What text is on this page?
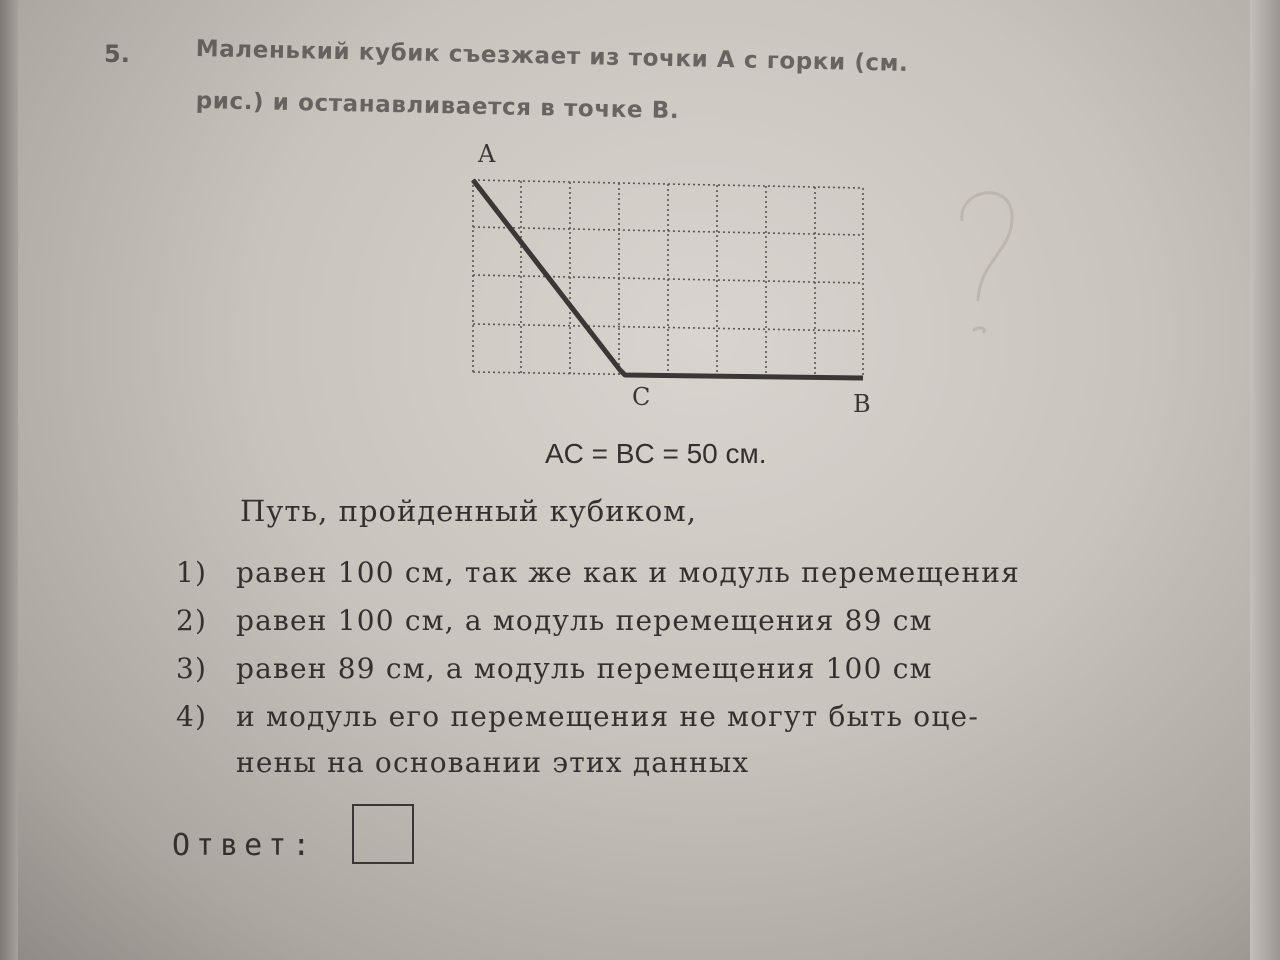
5.	Маленький кубик съезжает из точки А с горки (см.
рис.) и останавливается в точке В.
A
C	B
AC = BC = 50 см.
Путь, пройденный кубиком,
1) равен 100 см, так же как и модуль перемещения
2) равен 100 см, а модуль перемещения 89 см
3) равен 89 см, а модуль перемещения 100 см
4) и модуль его перемещения не могут быть оце-
нены на основании этих данных
Ответ:
